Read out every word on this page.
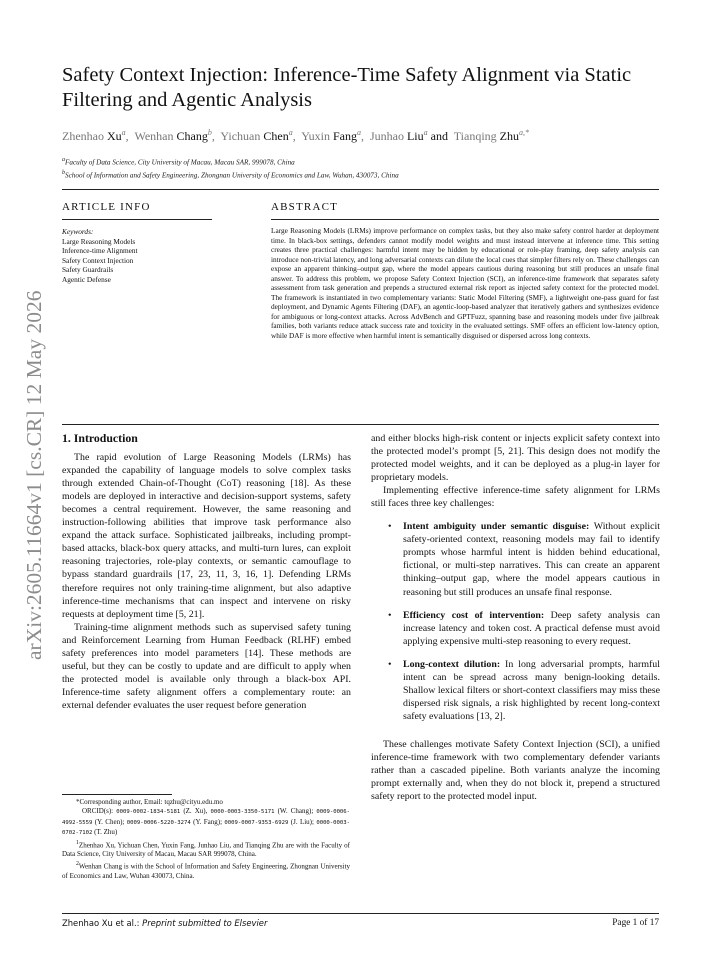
arXiv:2605.11664v1 [cs.CR] 12 May 2026
Safety Context Injection: Inference-Time Safety Alignment via Static
Filtering and Agentic Analysis
Zhenhao Xu$^a$,  Wenhan Chang$^b$,  Yichuan Chen$^a$,  Yuxin Fang$^a$,  Junhao Liu$^a$ and Tianqing Zhu$^{a,*}$
$^a$Faculty of Data Science, City University of Macau, Macau SAR, 999078, China
$^b$School of Information and Safety Engineering, Zhongnan University of Economics and Law, Wuhan, 430073, China
ARTICLE INFO	ABSTRACT
Keywords:
Large Reasoning Models
Inference-time Alignment
Safety Context Injection
Safety Guardrails
Agentic Defense
Large Reasoning Models (LRMs) improve performance on complex tasks, but they also make safety control harder at deployment time. In black-box settings, defenders cannot modify model weights and must instead intervene at inference time. This setting creates three practical challenges: harmful intent may be hidden by educational or role-play framing, deep safety analysis can introduce non-trivial latency, and long adversarial contexts can dilute the local cues that simpler filters rely on. These challenges can expose an apparent thinking–output gap, where the model appears cautious during reasoning but still produces an unsafe final answer. To address this problem, we propose Safety Context Injection (SCI), an inference-time framework that separates safety assessment from task generation and prepends a structured external risk report as injected safety context for the protected model. The framework is instantiated in two complementary variants: Static Model Filtering (SMF), a lightweight one-pass guard for fast deployment, and Dynamic Agents Filtering (DAF), an agentic-loop-based analyzer that iteratively gathers and synthesizes evidence for ambiguous or long-context attacks. Across AdvBench and GPTFuzz, spanning base and reasoning models under five jailbreak families, both variants reduce attack success rate and toxicity in the evaluated settings. SMF offers an efficient low-latency option, while DAF is more effective when harmful intent is semantically disguised or dispersed across long contexts.
1. Introduction

The rapid evolution of Large Reasoning Models (LRMs) has expanded the capability of language models to solve complex tasks through extended Chain-of-Thought (CoT) reasoning [18]. As these models are deployed in interactive and decision-support systems, safety becomes a central requirement. However, the same reasoning and instruction-following abilities that improve task performance also expand the attack surface. Sophisticated jailbreaks, including prompt-based attacks, black-box query attacks, and multi-turn lures, can exploit reasoning trajectories, role-play contexts, or semantic camouflage to bypass standard guardrails [17, 23, 11, 3, 16, 1]. Defending LRMs therefore requires not only training-time alignment, but also adaptive inference-time mechanisms that can inspect and intervene on risky requests at deployment time [5, 21].

Training-time alignment methods such as supervised safety tuning and Reinforcement Learning from Human Feedback (RLHF) embed safety preferences into model parameters [14]. These methods are useful, but they can be costly to update and are difficult to apply when the protected model is available only through a black-box API. Inference-time safety alignment offers a complementary route: an external defender evaluates the user request before generation

*Corresponding author, Email: tqzhu@cityu.edu.mo
ORCID(s): 0009-0002-1834-5181 (Z. Xu), 0000-0003-3350-5171 (W. Chang); 0009-0006-4992-5559 (Y. Chen); 0009-0006-5220-3274 (Y. Fang); 0009-0007-9353-6929 (J. Liu); 0000-0003-0702-7102 (T. Zhu)
$^1$Zhenhao Xu, Yichuan Chen, Yuxin Fang, Junhao Liu, and Tianqing Zhu are with the Faculty of Data Science, City University of Macau, Macau SAR 999078, China.
$^2$Wenhan Chang is with the School of Information and Safety Engineering, Zhongnan University of Economics and Law, Wuhan 430073, China.

and either blocks high-risk content or injects explicit safety context into the protected model’s prompt [5, 21]. This design does not modify the protected model weights, and it can be deployed as a plug-in layer for proprietary models.

Implementing effective inference-time safety alignment for LRMs still faces three key challenges:

• Intent ambiguity under semantic disguise: Without explicit safety-oriented context, reasoning models may fail to identify prompts whose harmful intent is hidden behind educational, fictional, or multi-step narratives. This can create an apparent thinking–output gap, where the model appears cautious in reasoning but still produces an unsafe final response.
• Efficiency cost of intervention: Deep safety analysis can increase latency and token cost. A practical defense must avoid applying expensive multi-step reasoning to every request.
• Long-context dilution: In long adversarial prompts, harmful intent can be spread across many benign-looking details. Shallow lexical filters or short-context classifiers may miss these dispersed risk signals, a risk highlighted by recent long-context safety evaluations [13, 2].

These challenges motivate Safety Context Injection (SCI), a unified inference-time framework with two complementary defender variants rather than a cascaded pipeline. Both variants analyze the incoming prompt externally and, when they do not block it, prepend a structured safety report to the protected model input.

Zhenhao Xu et al.: Preprint submitted to Elsevier	Page 1 of 17
